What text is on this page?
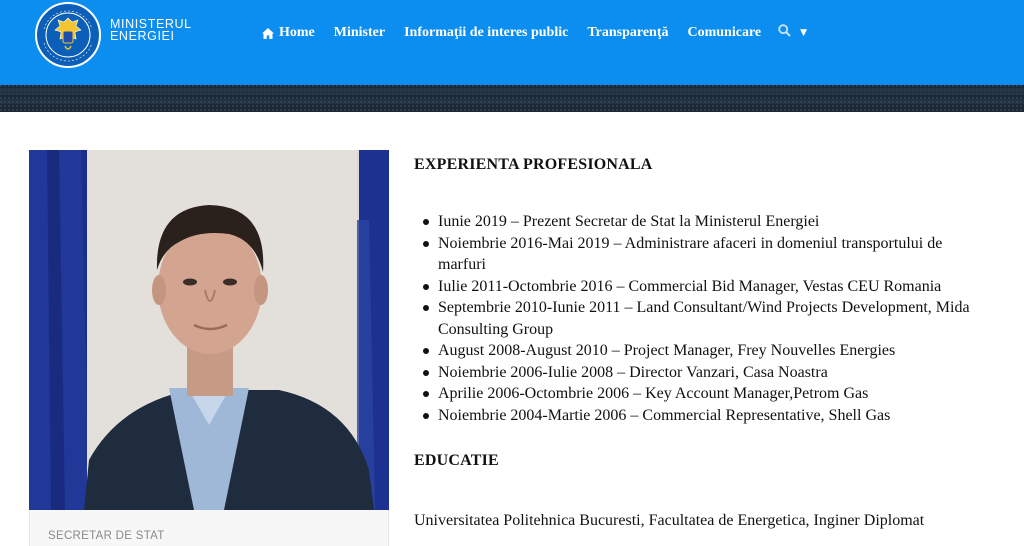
MINISTERUL
ENERGIEI	Home Minister Informaţii de interes public Transparenţă Comunicare	▼
SECRETAR DE STAT
EXPERIENTA PROFESIONALA
Iunie 2019 – Prezent Secretar de Stat la Ministerul Energiei
Noiembrie 2016-Mai 2019 – Administrare afaceri in domeniul transportului de
marfuri
Iulie 2011-Octombrie 2016 – Commercial Bid Manager, Vestas CEU Romania
Septembrie 2010-Iunie 2011 – Land Consultant/Wind Projects Development, Mida
Consulting Group
August 2008-August 2010 – Project Manager, Frey Nouvelles Energies
Noiembrie 2006-Iulie 2008 – Director Vanzari, Casa Noastra
Aprilie 2006-Octombrie 2006 – Key Account Manager,Petrom Gas
Noiembrie 2004-Martie 2006 – Commercial Representative, Shell Gas
EDUCATIE
Universitatea Politehnica Bucuresti, Facultatea de Energetica, Inginer Diplomat
